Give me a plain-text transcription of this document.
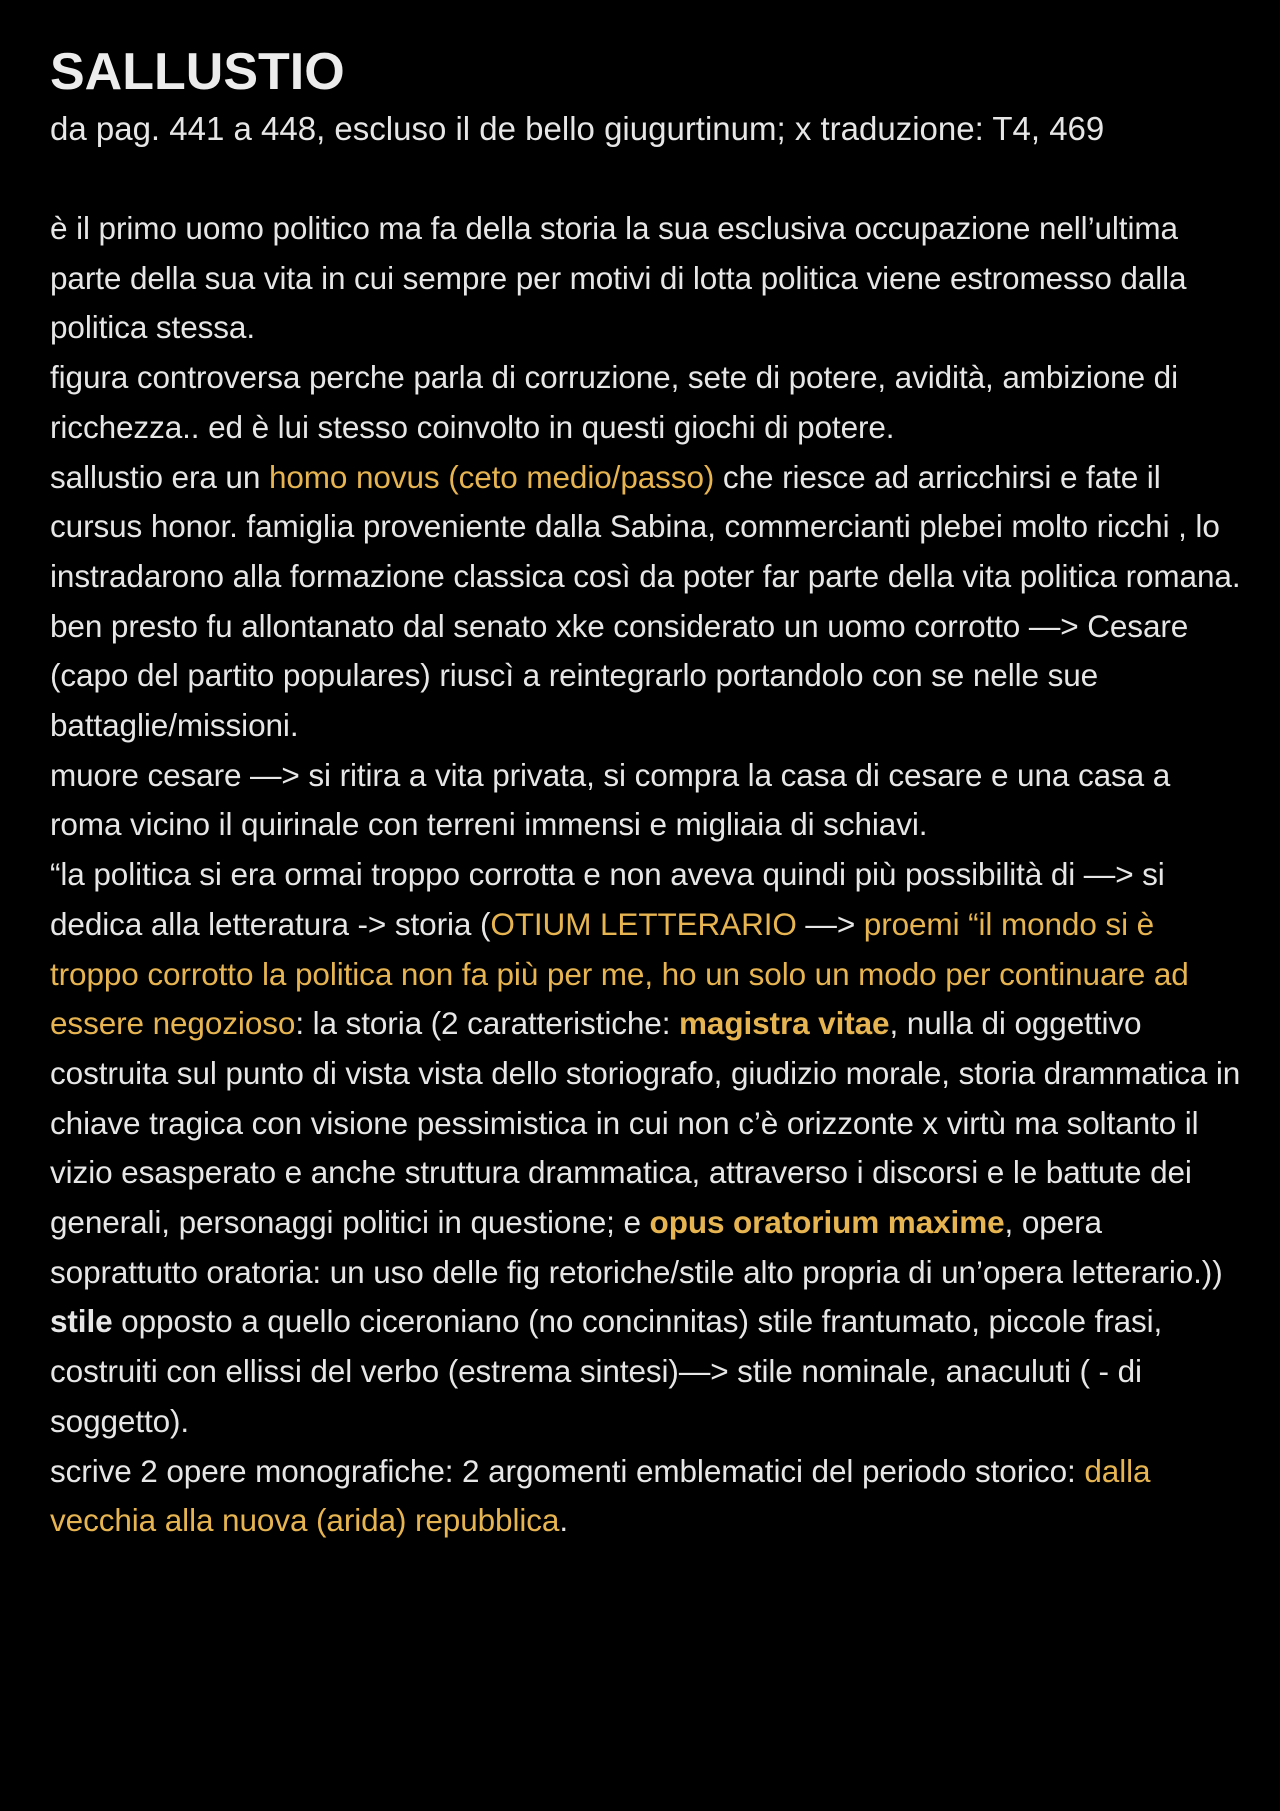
SALLUSTIO
da pag. 441 a 448, escluso il de bello giugurtinum; x traduzione: T4, 469

è il primo uomo politico ma fa della storia la sua esclusiva occupazione nell’ultima parte della sua vita in cui sempre per motivi di lotta politica viene estromesso dalla politica stessa.

figura controversa perche parla di corruzione, sete di potere, avidità, ambizione di ricchezza.. ed è lui stesso coinvolto in questi giochi di potere.

sallustio era un homo novus (ceto medio/passo) che riesce ad arricchirsi e fate il cursus honor. famiglia proveniente dalla Sabina, commercianti plebei molto ricchi , lo instradarono alla formazione classica così da poter far parte della vita politica romana.

ben presto fu allontanato dal senato xke considerato un uomo corrotto —> Cesare (capo del partito populares) riuscì a reintegrarlo portandolo con se nelle sue battaglie/missioni.

muore cesare —> si ritira a vita privata, si compra la casa di cesare e una casa a roma vicino il quirinale con terreni immensi e migliaia di schiavi.

“la politica si era ormai troppo corrotta e non aveva quindi più possibilità di —> si dedica alla letteratura -> storia (OTIUM LETTERARIO —> proemi “il mondo si è troppo corrotto la politica non fa più per me, ho un solo un modo per continuare ad essere negozioso: la storia (2 caratteristiche: magistra vitae, nulla di oggettivo costruita sul punto di vista vista dello storiografo, giudizio morale, storia drammatica in chiave tragica con visione pessimistica in cui non c’è orizzonte x virtù ma soltanto il vizio esasperato e anche struttura drammatica, attraverso i discorsi e le battute dei generali, personaggi politici in questione; e opus oratorium maxime, opera soprattutto oratoria: un uso delle fig retoriche/stile alto propria di un’opera letterario.))

stile opposto a quello ciceroniano (no concinnitas) stile frantumato, piccole frasi, costruiti con ellissi del verbo (estrema sintesi)—> stile nominale, anaculuti ( - di soggetto).

scrive 2 opere monografiche: 2 argomenti emblematici del periodo storico: dalla vecchia alla nuova (arida) repubblica.
